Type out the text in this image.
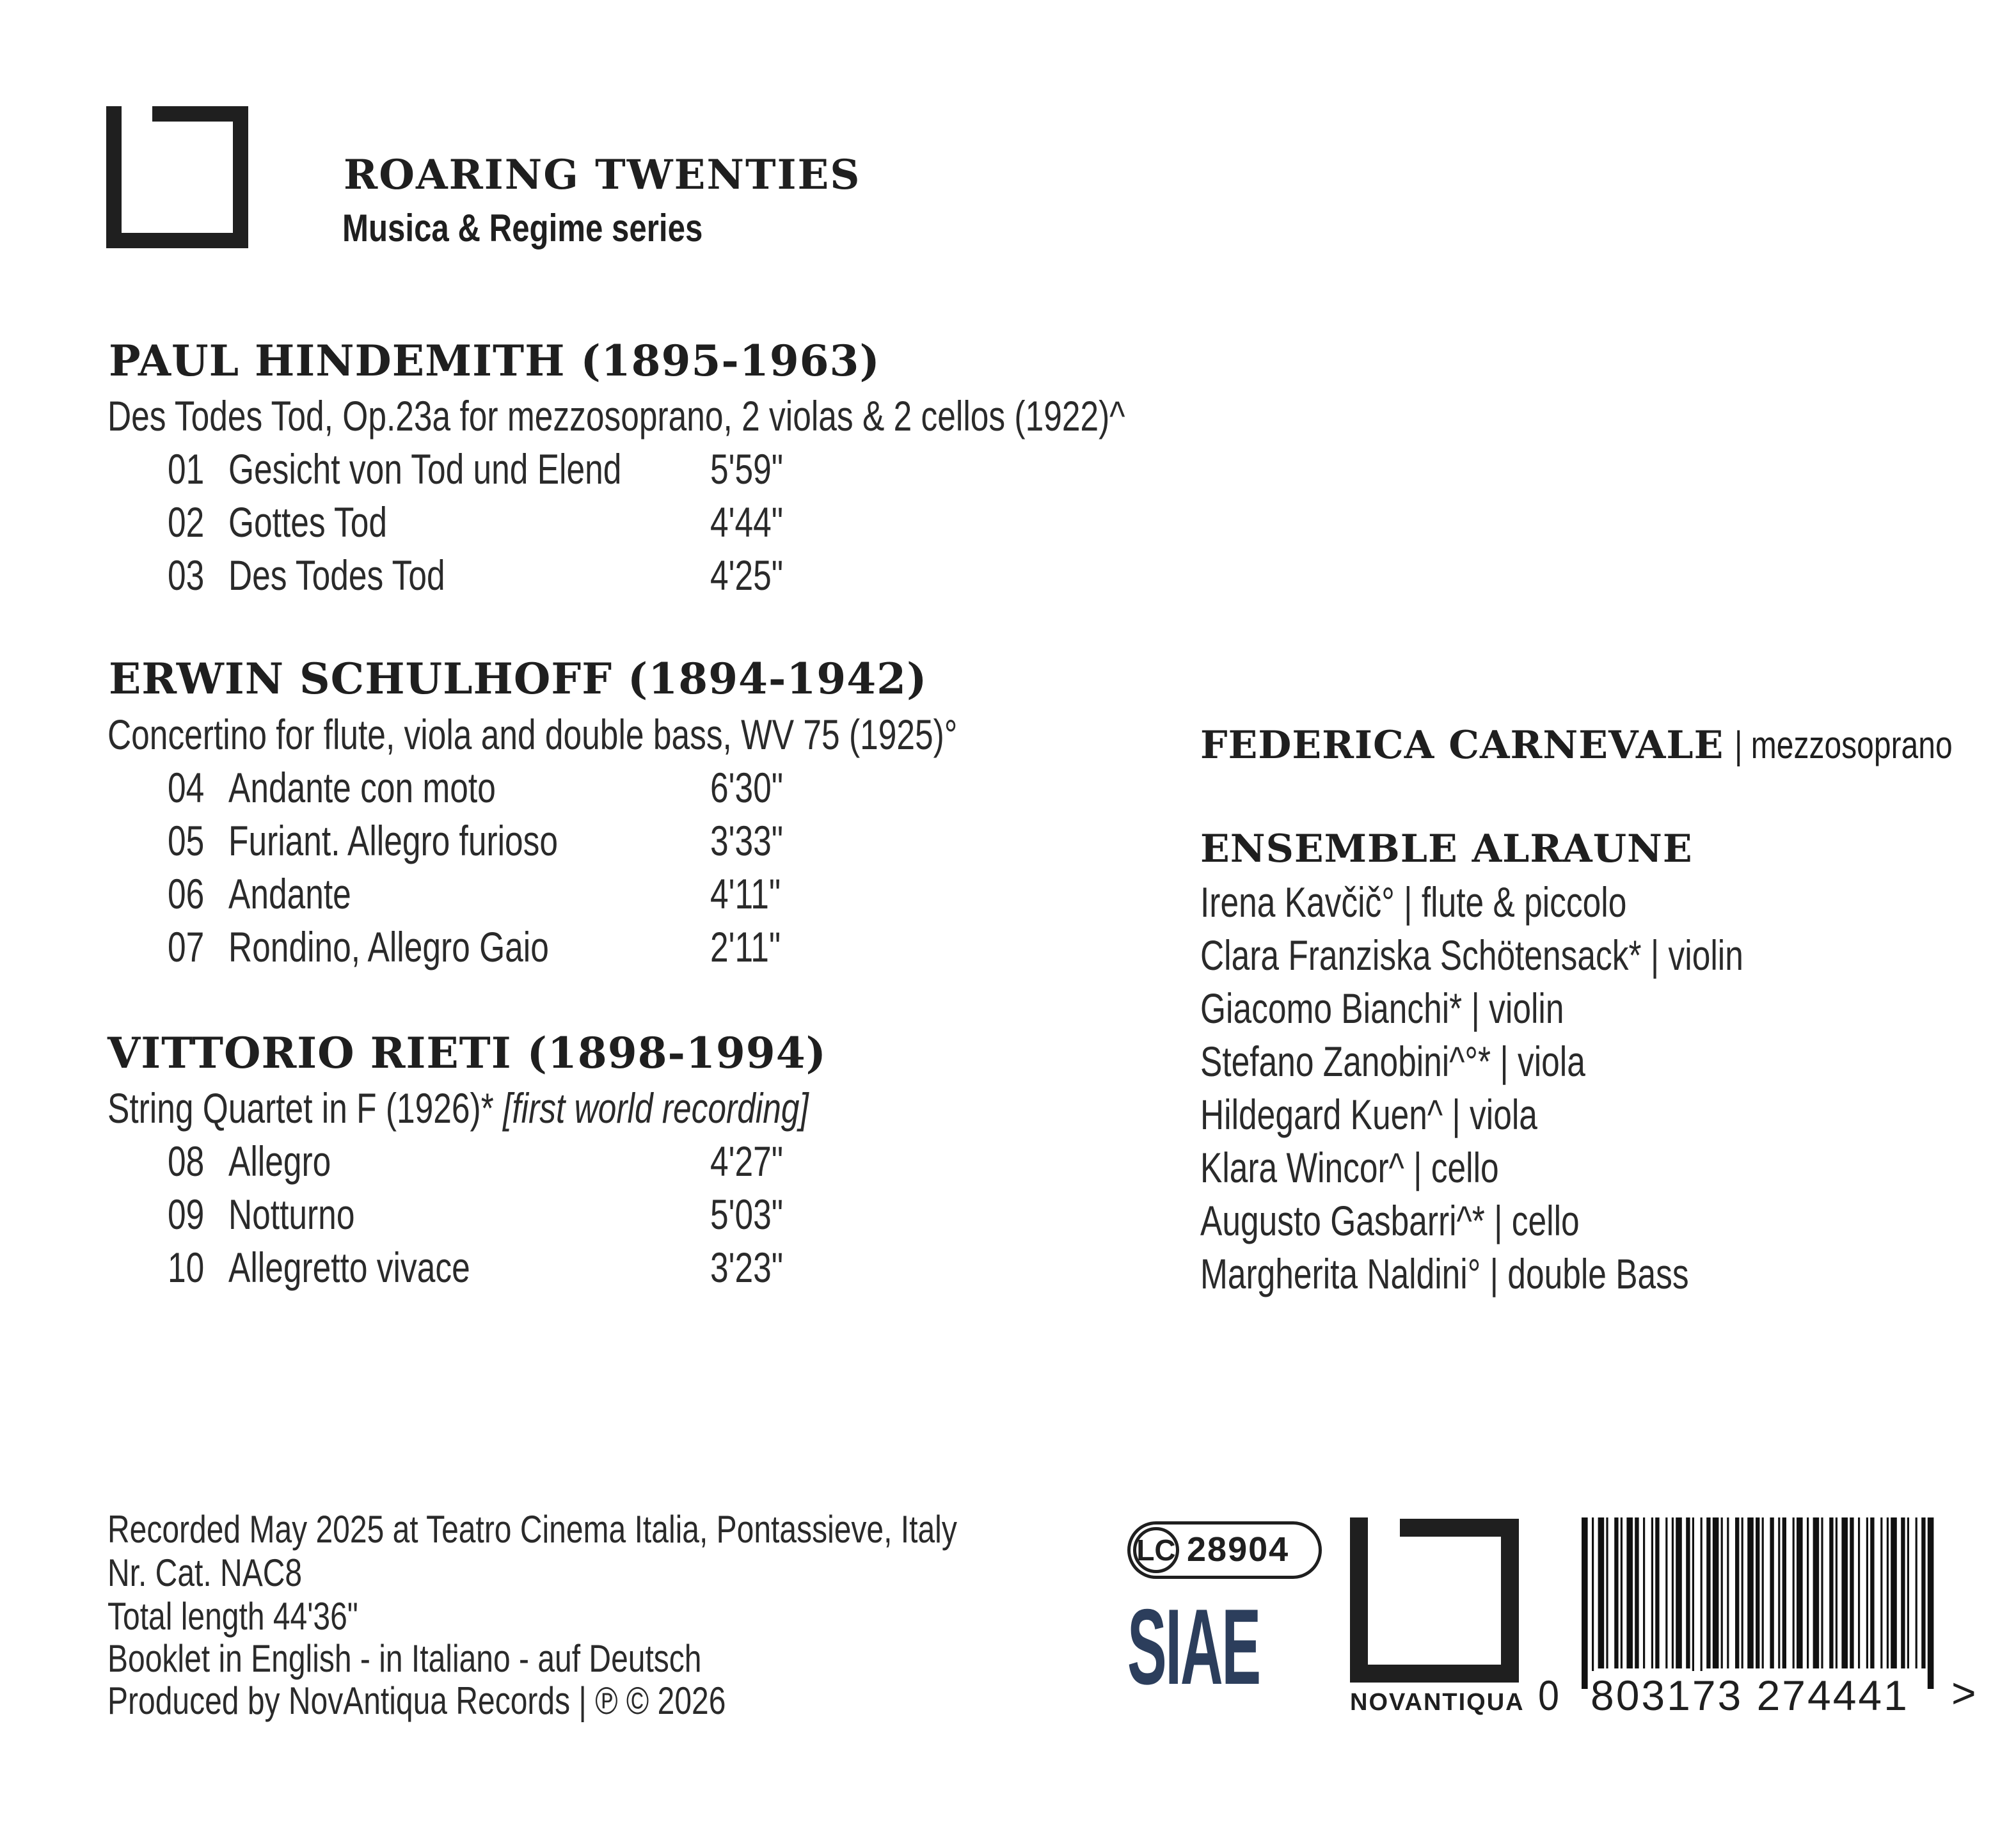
ROARING TWENTIES
Musica & Regime series
PAUL HINDEMITH (1895-1963)
Des Todes Tod, Op.23a for mezzosoprano, 2 violas & 2 cellos (1922)^
01 Gesicht von Tod und Elend 5'59"
02 Gottes Tod	4'44"
03 Des Todes Tod	4'25"
ERWIN SCHULHOFF (1894-1942)
Concertino for flute, viola and double bass, WV 75 (1925)°
04 Andante con moto	6'30"
05 Furiant. Allegro furioso	3'33"
06 Andante	4'11"
07 Rondino, Allegro Gaio	2'11"
VITTORIO RIETI (1898-1994)
String Quartet in F (1926)* [first world recording]
08 Allegro	4'27"
09 Notturno	5'03"
10 Allegretto vivace	3'23"
FEDERICA CARNEVALE | mezzosoprano
ENSEMBLE ALRAUNE
Irena Kavčič° | flute & piccolo
Clara Franziska Schötensack* | violin
Giacomo Bianchi* | violin
Stefano Zanobini^°* | viola
Hildegard Kuen^ | viola
Klara Wincor^ | cello
Augusto Gasbarri^* | cello
Margherita Naldini° | double Bass
Recorded May 2025 at Teatro Cinema Italia, Pontassieve, Italy
Nr. Cat. NAC8
Total length 44'36"
Booklet in English - in Italiano - auf Deutsch
Produced by NovAntiqua Records | ℗ © 2026
LC 28904
SIAE	NOVANTIQUA 0 803173 274441 >
